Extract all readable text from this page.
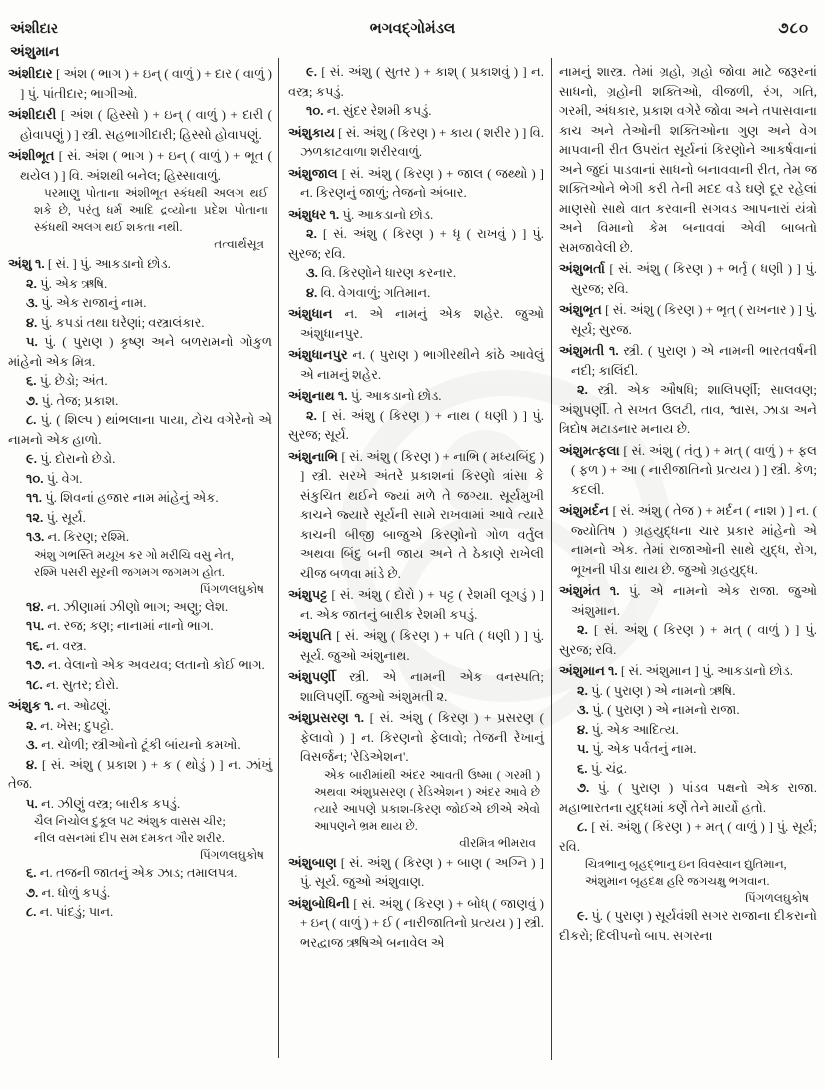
અંશીદાર
અંશુમાન
ભગવદ્ગોમંડલ	૭૮૦
અંશીદાર [ અંશ ( ભાગ ) + ઇન્ ( વાળું ) + દાર ( વાળું ) ] પું. પાંતીદાર; ભાગીઓ.
અંશીદારી [ અંશ ( હિસ્સો ) + ઇન્ ( વાળું ) + દારી ( હોવાપણું ) ] સ્ત્રી. સહભાગીદારી; હિસ્સો હોવાપણું.
અંશીભૂત [ સં. અંશ ( ભાગ ) + ઇન્ ( વાળું ) + ભૂત ( થયેલ ) ] વિ. અંશથી બનેલ; હિસ્સાવાળું.
પરમાણુ પોતાના અંશીભૂત સ્કંધથી અલગ થઈ શકે છે, પરંતુ ધર્મ આદિ દ્રવ્યોના પ્રદેશ પોતાના સ્કંધથી અલગ થઈ શકતા નથી.
તત્વાર્થસૂત્ર
અંશુ ૧. [ સં. ] પું. આકડાનો છોડ.
૨. પું. એક ઋષિ.
૩. પું. એક રાજાનું નામ.
૪. પું. કપડાં તથા ઘરેણાં; વસ્ત્રાલંકાર.
૫. પું. ( પુરાણ ) કૃષ્ણ અને બળરામનો ગોકુળ માંહેનો એક મિત્ર.
૬. પું. છેડો; અંત.
૭. પું. તેજ; પ્રકાશ.
૮. પું. ( શિલ્પ ) થાંભલાના પાયા, ટોચ વગેરેનો એ નામનો એક હાળો.
૯. પું. દોરાનો છેડો.
૧૦. પું. વેગ.
૧૧. પું. શિવનાં હજાર નામ માંહેનું એક.
૧૨. પું. સૂર્ય.
૧૩. ન. કિરણ; રશ્મિ.
અંશુ ગભસ્તિ મયૂખ કર ગો મરીચિ વસુ નેત,
રશ્મિ પસરી સૂરની જગમગ જગમગ હોત.
પિંગળલઘુકોષ
૧૪. ન. ઝીણામાં ઝીણો ભાગ; અણુ; લેશ.
૧૫. ન. રજ; કણ; નાનામાં નાનો ભાગ.
૧૬. ન. વસ્ત્ર.
૧૭. ન. વેલાનો એક અવયવ; લતાનો કોઈ ભાગ.
૧૮. ન. સુતર; દોરો.
અંશુક ૧. ન. ઓઢણું.
૨. ન. ખેસ; દુપટ્ટો.
૩. ન. ચોળી; સ્ત્રીઓનો ટૂંકી બાંયનો કમખો.
૪. [ સં. અંશુ ( પ્રકાશ ) + ક ( થોડું ) ] ન. ઝાંખું તેજ.
૫. ન. ઝીણું વસ્ત્ર; બારીક કપડું.
ચૈલ નિચોલ દુકૂલ પટ અંશુક વાસસ ચીર;
નીલ વસનમાં દીપ સમ દમકત ગૌર શરીર.
પિંગળલઘુકોષ
૬. ન. તજની જાતનું એક ઝાડ; તમાલપત્ર.
૭. ન. ધોળું કપડું.
૮. ન. પાંદડું; પાન.
૯. [ સં. અંશુ ( સુતર ) + કાશ્ ( પ્રકાશવું ) ] ન. વસ્ત્ર; કપડું.
૧૦. ન. સુંદર રેશમી કપડું.
અંશુકાય [ સં. અંશુ ( કિરણ ) + કાય ( શરીર ) ] વિ. ઝળકાટવાળા શરીરવાળું.
અંશુજાલ [ સં. અંશુ ( કિરણ ) + જાલ ( જથ્થો ) ] ન. કિરણનું જાળું; તેજનો અંબાર.
અંશુધર ૧. પું. આકડાનો છોડ.
૨. [ સં. અંશુ ( કિરણ ) + ધૃ ( રાખવું ) ] પું. સુરજ; રવિ.
૩. વિ. કિરણોને ધારણ કરનાર.
૪. વિ. વેગવાળું; ગતિમાન.
અંશુધાન ન. એ નામનું એક શહેર. જુઓ અંશુધાનપુર.
અંશુધાનપુર ન. ( પુરાણ ) ભાગીરથીને કાંઠે આવેલું એ નામનું શહેર.
અંશુનાથ ૧. પું. આકડાનો છોડ.
૨. [ સં. અંશુ ( કિરણ ) + નાથ ( ધણી ) ] પું. સુરજ; સૂર્ય.
અંશુનાભિ [ સં. અંશુ ( કિરણ ) + નાભિ ( મધ્યબિંદુ ) ] સ્ત્રી. સરખે અંતરે પ્રકાશનાં કિરણો ત્રાંસા કે સંકુચિત થઈને જ્યાં મળે તે જગ્યા. સૂર્યમુખી કાચને જ્યારે સૂર્યની સામે રાખવામાં આવે ત્યારે કાચની બીજી બાજુએ કિરણોનો ગોળ વર્તુલ અથવા બિંદુ બની જાય અને તે ઠેકાણે રાખેલી ચીજ બળવા માંડે છે.
અંશુપટ્ટ [ સં. અંશુ ( દોરો ) + પટ્ટ ( રેશમી લૂગડું ) ] ન. એક જાતનું બારીક રેશમી કપડું.
અંશુપતિ [ સં. અંશુ ( કિરણ ) + પતિ ( ધણી ) ] પું. સૂર્ય. જુઓ અંશુનાથ.
અંશુપર્ણી સ્ત્રી. એ નામની એક વનસ્પતિ; શાલિપર્ણી. જુઓ અંશુમતી ૨.
અંશુપ્રસરણ ૧. [ સં. અંશુ ( કિરણ ) + પ્રસરણ ( ફેલાવો ) ] ન. કિરણનો ફેલાવો; તેજની રેખાનું વિસર્જન; 'રેડિએશન'.
એક બારીમાંથી અંદર આવતી ઉષ્મા ( ગરમી ) અથવા અંશુપ્રસરણ ( રેડિએશન ) અંદર આવે છે ત્યારે આપણે પ્રકાશ-કિરણ જોઈએ છીએ એવો આપણને ભ્રમ થાય છે.
વીરમિત્ર ભીમરાવ
અંશુબાણ [ સં. અંશુ ( કિરણ ) + બાણ ( અગ્નિ ) ] પું. સૂર્ય. જુઓ અંશુવાણ.
અંશુબોધિની [ સં. અંશુ ( કિરણ ) + બોધ્ ( જાણવું ) + ઇન્ ( વાળું ) + ઈ ( નારીજાતિનો પ્રત્યય ) ] સ્ત્રી. ભરદ્વાજ ઋષિએ બનાવેલ એ
નામનું શાસ્ત્ર. તેમાં ગ્રહો, ગ્રહો જોવા માટે જરૂરનાં સાધનો, ગ્રહોની શક્તિઓ, વીજળી, રંગ, ગતિ, ગરમી, અંધકાર, પ્રકાશ વગેરે જોવા અને તપાસવાના કાચ અને તેઓની શક્તિઓના ગુણ અને વેગ માપવાની રીત ઉપરાંત સૂર્યનાં કિરણોને આકર્ષવાનાં અને જુદાં પાડવાનાં સાધનો બનાવવાની રીત, તેમ જ શક્તિઓને ભેગી કરી તેની મદદ વડે ઘણે દૂર રહેલાં માણસો સાથે વાત કરવાની સગવડ આપનારાં યંત્રો અને વિમાનો કેમ બનાવવાં એવી બાબતો સમજાવેલી છે.
અંશુભર્તા [ સં. અંશુ ( કિરણ ) + ભર્તૃ ( ધણી ) ] પું. સુરજ; રવિ.
અંશુભૃત [ સં. અંશુ ( કિરણ ) + ભૃત્ ( રાખનાર ) ] પું. સૂર્ય; સુરજ.
અંશુમતી ૧. સ્ત્રી. ( પુરાણ ) એ નામની ભારતવર્ષની નદી; કાલિંદી.
૨. સ્ત્રી. એક ઔષધિ; શાલિપર્ણી; સાલવણ; અંશુપર્ણી. તે સખત ઉલટી, તાવ, શ્વાસ, ઝાડા અને ત્રિદોષ મટાડનાર મનાય છે.
અંશુમત્ફલા [ સં. અંશુ ( તંતુ ) + મત્ ( વાળું ) + ફલ ( ફળ ) + આ ( નારીજાતિનો પ્રત્યય ) ] સ્ત્રી. કેળ; કદલી.
અંશુમર્દન [ સં. અંશુ ( તેજ ) + મર્દન ( નાશ ) ] ન. ( જ્યોતિષ ) ગ્રહયુદ્ધના ચાર પ્રકાર માંહેનો એ નામનો એક. તેમાં રાજાઓની સાથે યુદ્ધ, રોગ, ભૂખની પીડા થાય છે. જુઓ ગ્રહયુદ્ધ.
અંશુમંત ૧. પું. એ નામનો એક રાજા. જુઓ અંશુમાન.
૨. [ સં. અંશુ ( કિરણ ) + મત્ ( વાળું ) ] પું. સુરજ; રવિ.
અંશુમાન ૧. [ સં. અંશુમાન ] પું. આકડાનો છોડ.
૨. પું. ( પુરાણ ) એ નામનો ઋષિ.
૩. પું. ( પુરાણ ) એ નામનો રાજા.
૪. પું. એક આદિત્ય.
૫. પું. એક પર્વતનું નામ.
૬. પું. ચંદ્ર.
૭. પું. ( પુરાણ ) પાંડવ પક્ષનો એક રાજા. મહાભારતના યુદ્ધમાં કર્ણે તેને માર્યો હતો.
૮. [ સં. અંશુ ( કિરણ ) + મત્ ( વાળું ) ] પું. સૂર્ય; રવિ.
ચિત્રભાનુ બૃહદ્ભાનુ ઇન વિવસ્વાન દ્યુતિમાન,
અંશુમાન બૃહદક્ષ હરિ જગચક્ષુ ભગવાન.
પિંગળલઘુકોષ
૯. પું. ( પુરાણ ) સૂર્યવંશી સગર રાજાના દીકરાનો દીકરો; દિલીપનો બાપ. સગરના
